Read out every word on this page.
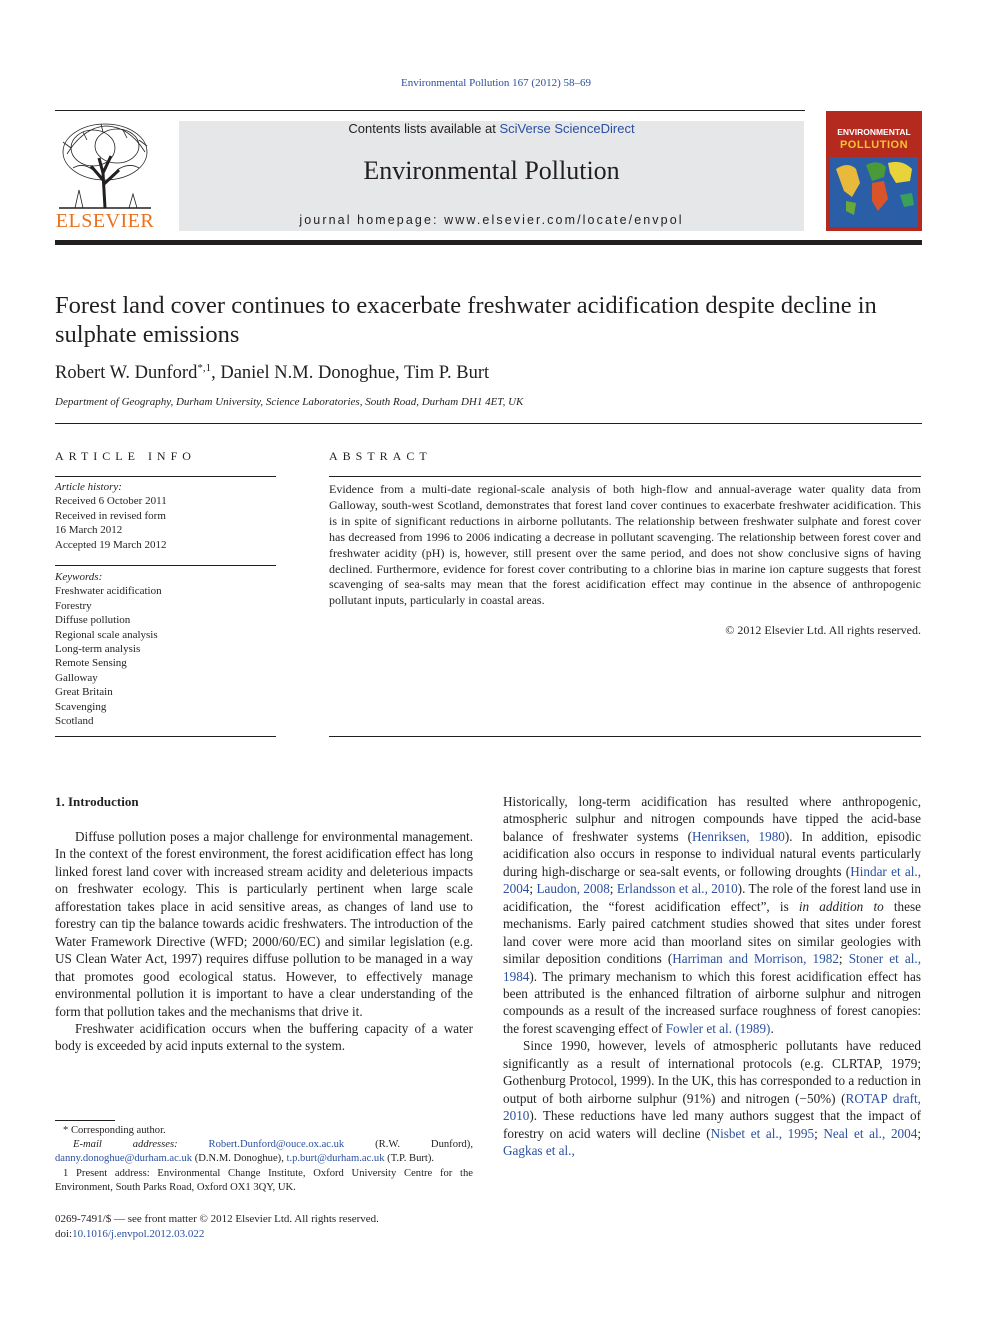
Environmental Pollution 167 (2012) 58–69
ELSEVIER
Contents lists available at SciVerse ScienceDirect
Environmental Pollution
journal homepage: www.elsevier.com/locate/envpol
ENVIRONMENTAL
POLLUTION
Forest land cover continues to exacerbate freshwater acidification despite decline in sulphate emissions
Robert W. Dunford$^{*,1}$, Daniel N.M. Donoghue, Tim P. Burt
Department of Geography, Durham University, Science Laboratories, South Road, Durham DH1 4ET, UK
ARTICLE INFO
Article history:
Received 6 October 2011
Received in revised form
16 March 2012
Accepted 19 March 2012
Keywords:
Freshwater acidification
Forestry
Diffuse pollution
Regional scale analysis
Long-term analysis
Remote Sensing
Galloway
Great Britain
Scavenging
Scotland
ABSTRACT
Evidence from a multi-date regional-scale analysis of both high-flow and annual-average water quality data from Galloway, south-west Scotland, demonstrates that forest land cover continues to exacerbate freshwater acidification. This is in spite of significant reductions in airborne pollutants. The relationship between freshwater sulphate and forest cover has decreased from 1996 to 2006 indicating a decrease in pollutant scavenging. The relationship between forest cover and freshwater acidity (pH) is, however, still present over the same period, and does not show conclusive signs of having declined. Furthermore, evidence for forest cover contributing to a chlorine bias in marine ion capture suggests that forest scavenging of sea-salts may mean that the forest acidification effect may continue in the absence of anthropogenic pollutant inputs, particularly in coastal areas.
© 2012 Elsevier Ltd. All rights reserved.
1. Introduction

Diffuse pollution poses a major challenge for environmental management. In the context of the forest environment, the forest acidification effect has long linked forest land cover with increased stream acidity and deleterious impacts on freshwater ecology. This is particularly pertinent when large scale afforestation takes place in acid sensitive areas, as changes of land use to forestry can tip the balance towards acidic freshwaters. The introduction of the Water Framework Directive (WFD; 2000/60/EC) and similar legislation (e.g. US Clean Water Act, 1997) requires diffuse pollution to be managed in a way that promotes good ecological status. However, to effectively manage environmental pollution it is important to have a clear understanding of the form that pollution takes and the mechanisms that drive it.

Freshwater acidification occurs when the buffering capacity of a water body is exceeded by acid inputs external to the system.

Historically, long-term acidification has resulted where anthropogenic, atmospheric sulphur and nitrogen compounds have tipped the acid-base balance of freshwater systems (Henriksen, 1980). In addition, episodic acidification also occurs in response to individual natural events particularly during high-discharge or sea-salt events, or following droughts (Hindar et al., 2004; Laudon, 2008; Erlandsson et al., 2010). The role of the forest land use in acidification, the “forest acidification effect”, is in addition to these mechanisms. Early paired catchment studies showed that sites under forest land cover were more acid than moorland sites on similar geologies with similar deposition conditions (Harriman and Morrison, 1982; Stoner et al., 1984). The primary mechanism to which this forest acidification effect has been attributed is the enhanced filtration of airborne sulphur and nitrogen compounds as a result of the increased surface roughness of forest canopies: the forest scavenging effect of Fowler et al. (1989).

Since 1990, however, levels of atmospheric pollutants have reduced significantly as a result of international protocols (e.g. CLRTAP, 1979; Gothenburg Protocol, 1999). In the UK, this has corresponded to a reduction in output of both airborne sulphur (91%) and nitrogen (−50%) (ROTAP draft, 2010). These reductions have led many authors suggest that the impact of forestry on acid waters will decline (Nisbet et al., 1995; Neal et al., 2004; Gagkas et al.,

* Corresponding author.
E-mail addresses:	Robert.Dunford@ouce.ox.ac.uk (R.W. Dunford), danny.donoghue@durham.ac.uk (D.N.M. Donoghue), t.p.burt@durham.ac.uk (T.P. Burt).
1 Present address: Environmental Change Institute, Oxford University Centre for the Environment, South Parks Road, Oxford OX1 3QY, UK.
0269-7491/$ — see front matter © 2012 Elsevier Ltd. All rights reserved.
doi:10.1016/j.envpol.2012.03.022
